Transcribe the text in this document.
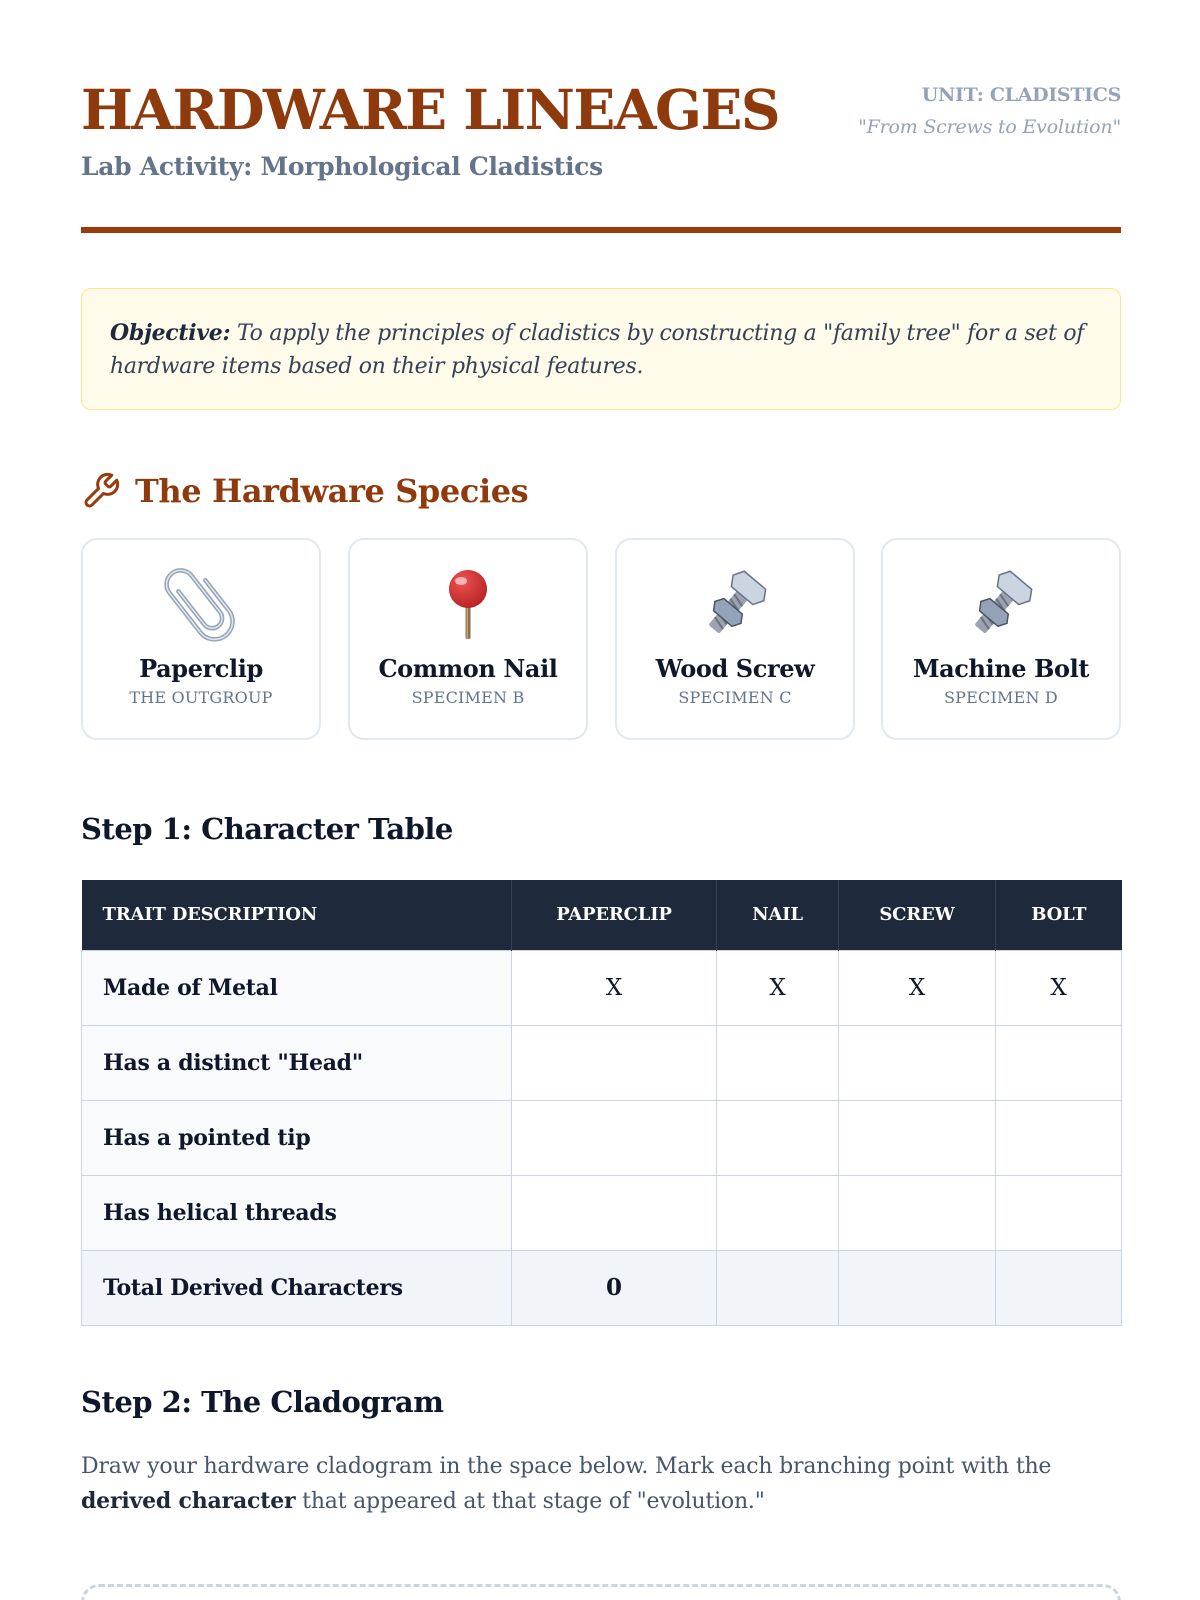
HARDWARE LINEAGES
Lab Activity: Morphological Cladistics
UNIT: CLADISTICS
"From Screws to Evolution"
Objective: To apply the principles of cladistics by constructing a "family tree" for a set of hardware items based on their physical features.
The Hardware Species
Paperclip
THE OUTGROUP
Common Nail
SPECIMEN B
Wood Screw
SPECIMEN C
Machine Bolt
SPECIMEN D
Step 1: Character Table
TRAIT DESCRIPTION	PAPERCLIP	NAIL	SCREW	BOLT
Made of Metal	X	X	X	X
Has a distinct "Head"				
Has a pointed tip				
Has helical threads				
Total Derived Characters	0			
Step 2: The Cladogram
Draw your hardware cladogram in the space below. Mark each branching point with the derived character that appeared at that stage of "evolution."
